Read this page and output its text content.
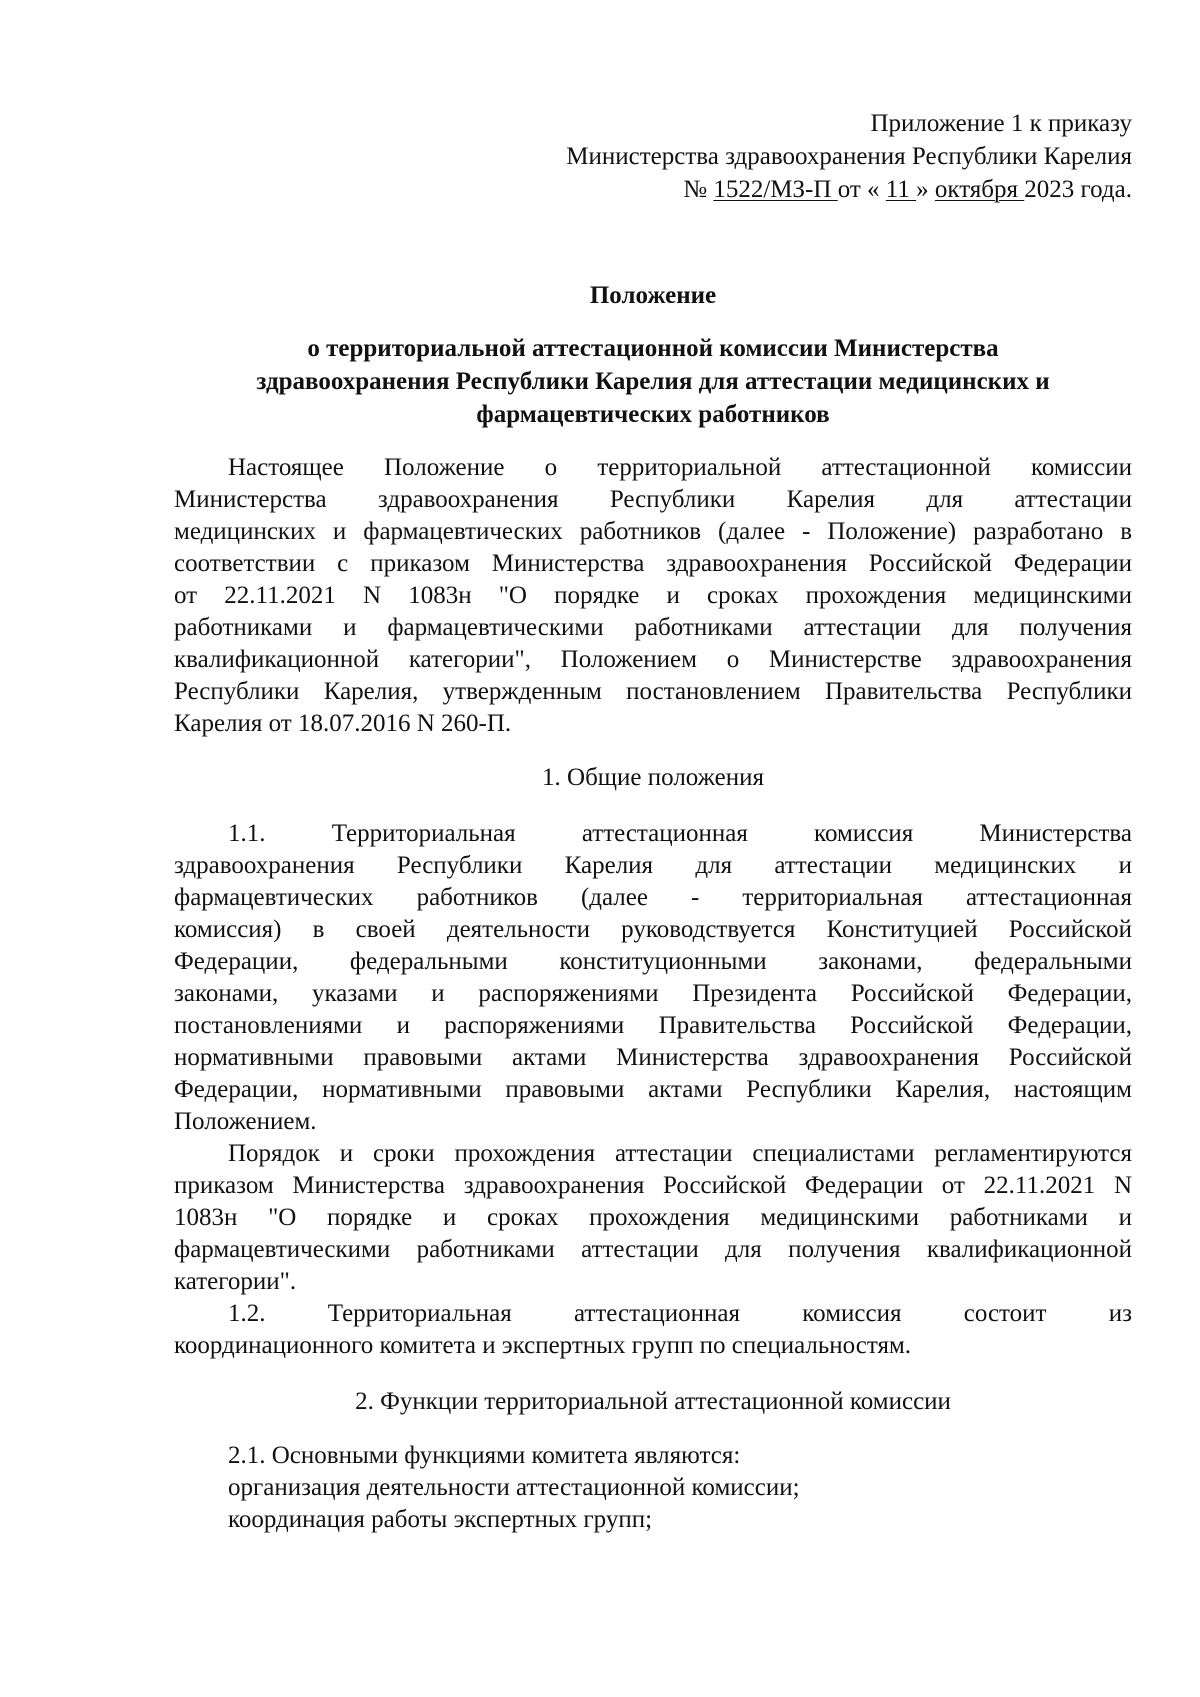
Приложение 1 к приказу
Министерства здравоохранения Республики Карелия
№ 1522/МЗ-П от « 11 » октября 2023 года.
Положение
о территориальной аттестационной комиссии Министерства
здравоохранения Республики Карелия для аттестации медицинских и
фармацевтических работников
Настоящее Положение о территориальной аттестационной комиссии
Министерства здравоохранения Республики Карелия для аттестации
медицинских и фармацевтических работников (далее - Положение) разработано в
соответствии с приказом Министерства здравоохранения Российской Федерации
от 22.11.2021 N 1083н "О порядке и сроках прохождения медицинскими
работниками и фармацевтическими работниками аттестации для получения
квалификационной категории", Положением о Министерстве здравоохранения
Республики Карелия, утвержденным постановлением Правительства Республики
Карелия от 18.07.2016 N 260-П.
1. Общие положения
1.1. Территориальная аттестационная комиссия Министерства
здравоохранения Республики Карелия для аттестации медицинских и
фармацевтических работников (далее - территориальная аттестационная
комиссия) в своей деятельности руководствуется Конституцией Российской
Федерации, федеральными конституционными законами, федеральными
законами, указами и распоряжениями Президента Российской Федерации,
постановлениями и распоряжениями Правительства Российской Федерации,
нормативными правовыми актами Министерства здравоохранения Российской
Федерации, нормативными правовыми актами Республики Карелия, настоящим
Положением.
Порядок и сроки прохождения аттестации специалистами регламентируются
приказом Министерства здравоохранения Российской Федерации от 22.11.2021 N
1083н "О порядке и сроках прохождения медицинскими работниками и
фармацевтическими работниками аттестации для получения квалификационной
категории".
1.2. Территориальная аттестационная комиссия состоит из
координационного комитета и экспертных групп по специальностям.
2. Функции территориальной аттестационной комиссии
2.1. Основными функциями комитета являются:
организация деятельности аттестационной комиссии;
координация работы экспертных групп;
